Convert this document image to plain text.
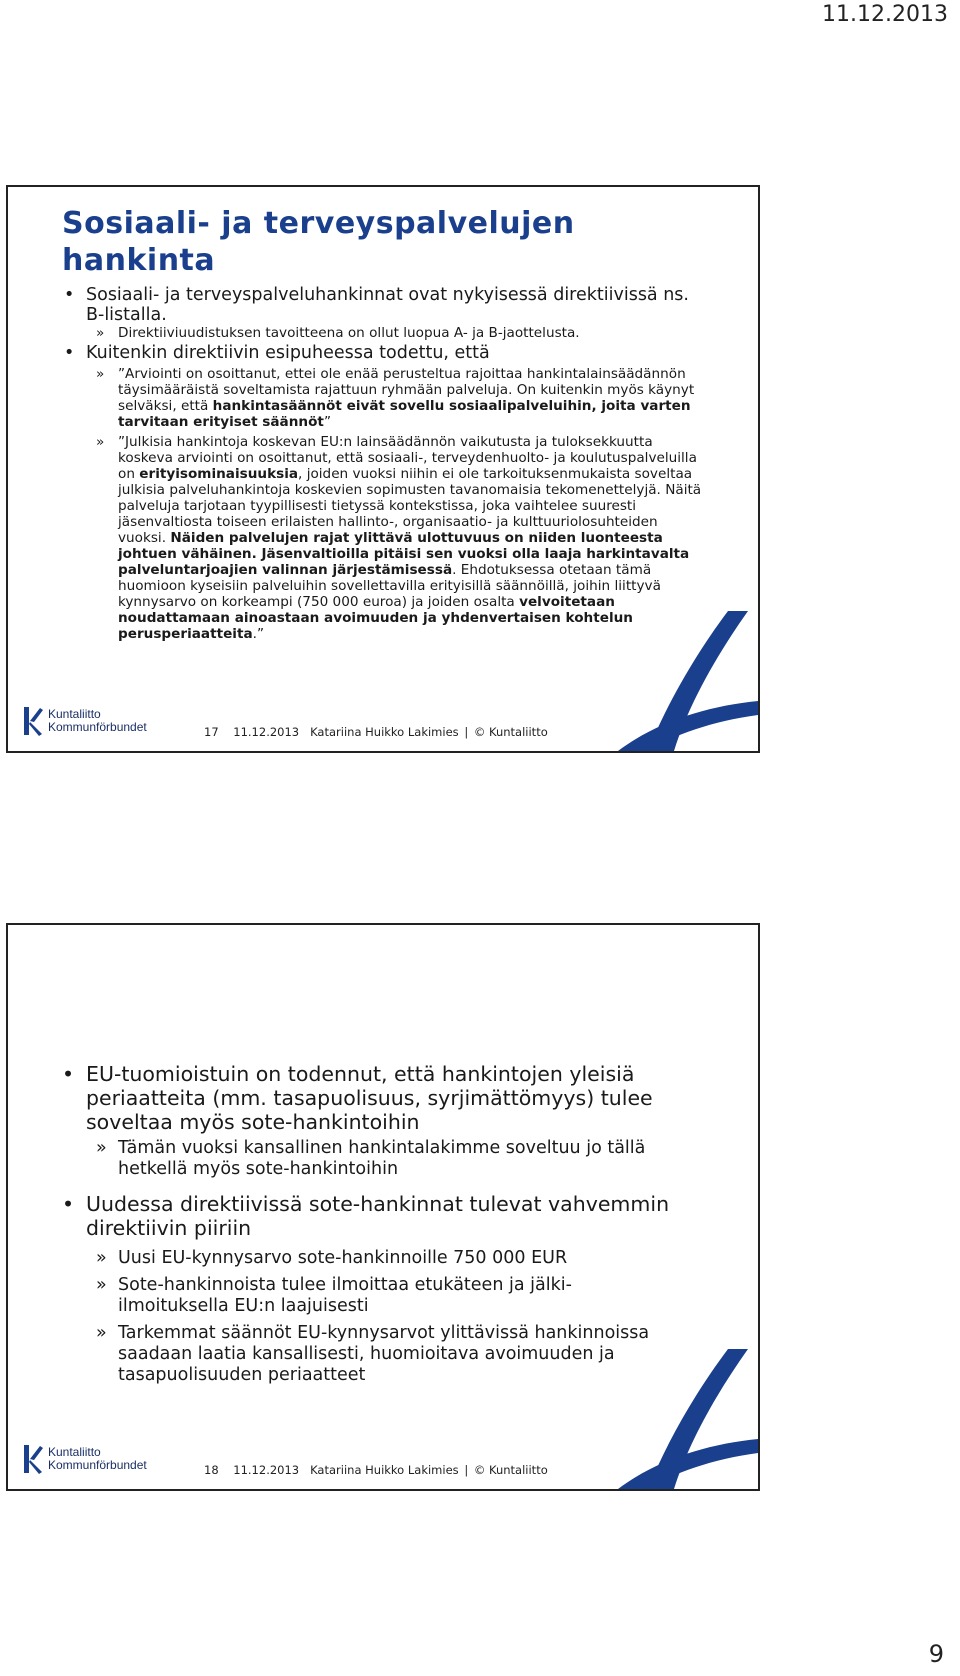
11.12.2013
Sosiaali- ja terveyspalvelujen hankinta

• Sosiaali- ja terveyspalveluhankinnat ovat nykyisessä direktiivissä ns. B-listalla.

» Direktiiviuudistuksen tavoitteena on ollut luopua A- ja B-jaottelusta.

• Kuitenkin direktiivin esipuheessa todettu, että

» ”Arviointi on osoittanut, ettei ole enää perusteltua rajoittaa hankintalainsäädännön täysimääräistä soveltamista rajattuun ryhmään palveluja. On kuitenkin myös käynyt selväksi, että hankintasäännöt eivät sovellu sosiaalipalveluihin, joita varten tarvitaan erityiset säännöt”

» ”Julkisia hankintoja koskevan EU:n lainsäädännön vaikutusta ja tuloksekkuutta koskeva arviointi on osoittanut, että sosiaali-, terveydenhuolto- ja koulutuspalveluilla on erityisominaisuuksia, joiden vuoksi niihin ei ole tarkoituksenmukaista soveltaa julkisia palveluhankintoja koskevien sopimusten tavanomaisia tekomenettelyjä. Näitä palveluja tarjotaan tyypillisesti tietyssä kontekstissa, joka vaihtelee suuresti jäsenvaltiosta toiseen erilaisten hallinto-, organisaatio- ja kulttuuriolosuhteiden vuoksi. Näiden palvelujen rajat ylittävä ulottuvuus on niiden luonteesta johtuen vähäinen. Jäsenvaltioilla pitäisi sen vuoksi olla laaja harkintavalta palveluntarjoajien valinnan järjestämisessä. Ehdotuksessa otetaan tämä huomioon kyseisiin palveluihin sovellettavilla erityisillä säännöillä, joihin liittyvä kynnysarvo on korkeampi (750 000 euroa) ja joiden osalta velvoitetaan noudattamaan ainoastaan avoimuuden ja yhdenvertaisen kohtelun perusperiaatteita.”

Kuntaliitto
Kommunförbundet	17 11.12.2013 Katariina Huikko Lakimies | © Kuntaliitto

• EU-tuomioistuin on todennut, että hankintojen yleisiä periaatteita (mm. tasapuolisuus, syrjimättömyys) tulee soveltaa myös sote-hankintoihin

» Tämän vuoksi kansallinen hankintalakimme soveltuu jo tällä hetkellä myös sote-hankintoihin

• Uudessa direktiivissä sote-hankinnat tulevat vahvemmin direktiivin piiriin

» Uusi EU-kynnysarvo sote-hankinnoille 750 000 EUR

» Sote-hankinnoista tulee ilmoittaa etukäteen ja jälki-ilmoituksella EU:n laajuisesti

» Tarkemmat säännöt EU-kynnysarvot ylittävissä hankinnoissa saadaan laatia kansallisesti, huomioitava avoimuuden ja tasapuolisuuden periaatteet

Kuntaliitto
Kommunförbundet	18 11.12.2013 Katariina Huikko Lakimies | © Kuntaliitto
9
